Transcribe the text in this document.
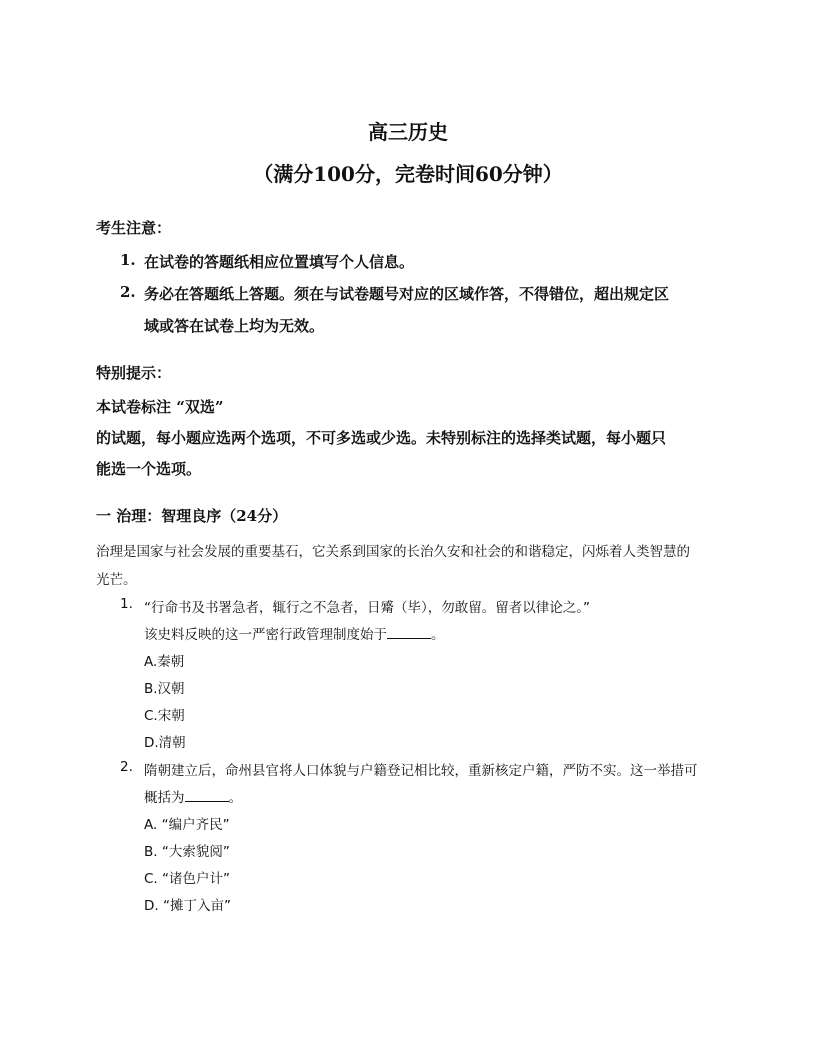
高三历史
（满分100分，完卷时间60分钟）
考生注意：
1. 在试卷的答题纸相应位置填写个人信息。
2. 务必在答题纸上答题。须在与试卷题号对应的区域作答，不得错位，超出规定区
域或答在试卷上均为无效。
特别提示：
本试卷标注 “双选”
的试题，每小题应选两个选项，不可多选或少选。未特别标注的选择类试题，每小题只
能选一个选项。
一 治理：智理良序（24分）
治理是国家与社会发展的重要基石，它关系到国家的长治久安和社会的和谐稳定，闪烁着人类智慧的
光芒。
1. “行命书及书署急者，辄行之不急者，日觱（毕），勿敢留。留者以律论之。”
该史料反映的这一严密行政管理制度始于	。
A.秦朝
B.汉朝
C.宋朝
D.清朝
2. 隋朝建立后，命州县官将人口体貌与户籍登记相比较，重新核定户籍，严防不实。这一举措可
概括为	。
A. “编户齐民”
B. “大索貌阅”
C. “诸色户计”
D. “摊丁入亩”
